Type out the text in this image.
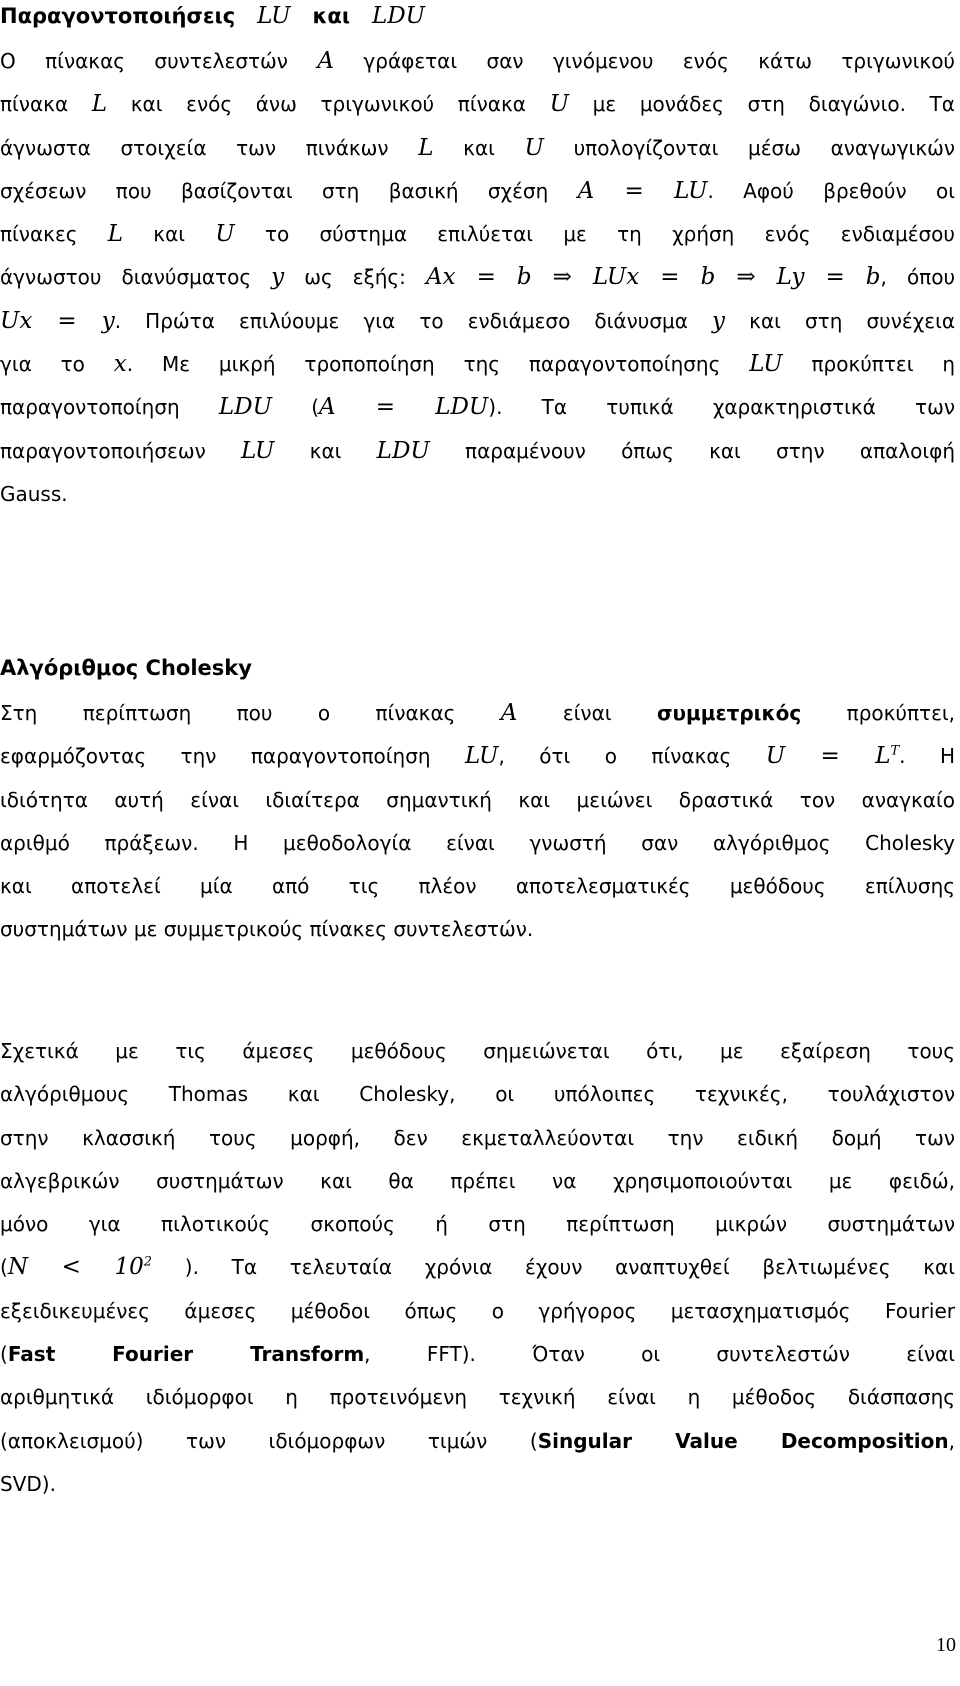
Παραγοντοποιήσεις LU και LDU
Ο πίνακας συντελεστών A γράφεται σαν γινόμενου ενός κάτω τριγωνικού
πίνακα L και ενός άνω τριγωνικού πίνακα U με μονάδες στη διαγώνιο. Τα
άγνωστα στοιχεία των πινάκων L και U υπολογίζονται μέσω αναγωγικών
σχέσεων που βασίζονται στη βασική σχέση A = LU. Αφού βρεθούν οι
πίνακες L και U το σύστημα επιλύεται με τη χρήση ενός ενδιαμέσου
άγνωστου διανύσματος y ως εξής: Ax = b ⇒ LUx = b ⇒ Ly = b, όπου
Ux = y. Πρώτα επιλύουμε για το ενδιάμεσο διάνυσμα y και στη συνέχεια
για το x. Με μικρή τροποποίηση της παραγοντοποίησης LU προκύπτει η
παραγοντοποίηση LDU (A = LDU). Τα τυπικά χαρακτηριστικά των
παραγοντοποιήσεων LU και LDU παραμένουν όπως και στην απαλοιφή
Gauss.
Αλγόριθμος Cholesky
Στη περίπτωση που ο πίνακας A είναι συμμετρικός προκύπτει,
εφαρμόζοντας την παραγοντοποίηση LU, ότι ο πίνακας $U = L^T$. Η
ιδιότητα αυτή είναι ιδιαίτερα σημαντική και μειώνει δραστικά τον αναγκαίο
αριθμό πράξεων. Η μεθοδολογία είναι γνωστή σαν αλγόριθμος Cholesky
και αποτελεί μία από τις πλέον αποτελεσματικές μεθόδους επίλυσης
συστημάτων με συμμετρικούς πίνακες συντελεστών.
Σχετικά με τις άμεσες μεθόδους σημειώνεται ότι, με εξαίρεση τους
αλγόριθμους Thomas και Cholesky, οι υπόλοιπες τεχνικές, τουλάχιστον
στην κλασσική τους μορφή, δεν εκμεταλλεύονται την ειδική δομή των
αλγεβρικών συστημάτων και θα πρέπει να χρησιμοποιούνται με φειδώ,
μόνο για πιλοτικούς σκοπούς ή στη περίπτωση μικρών συστημάτων
($N < 10^2$ ). Τα τελευταία χρόνια έχουν αναπτυχθεί βελτιωμένες και
εξειδικευμένες άμεσες μέθοδοι όπως ο γρήγορος μετασχηματισμός Fourier
(Fast Fourier Transform, FFT). Όταν οι συντελεστών είναι
αριθμητικά ιδιόμορφοι η προτεινόμενη τεχνική είναι η μέθοδος διάσπασης
(αποκλεισμού) των ιδιόμορφων τιμών (Singular Value Decomposition,
SVD).
10
